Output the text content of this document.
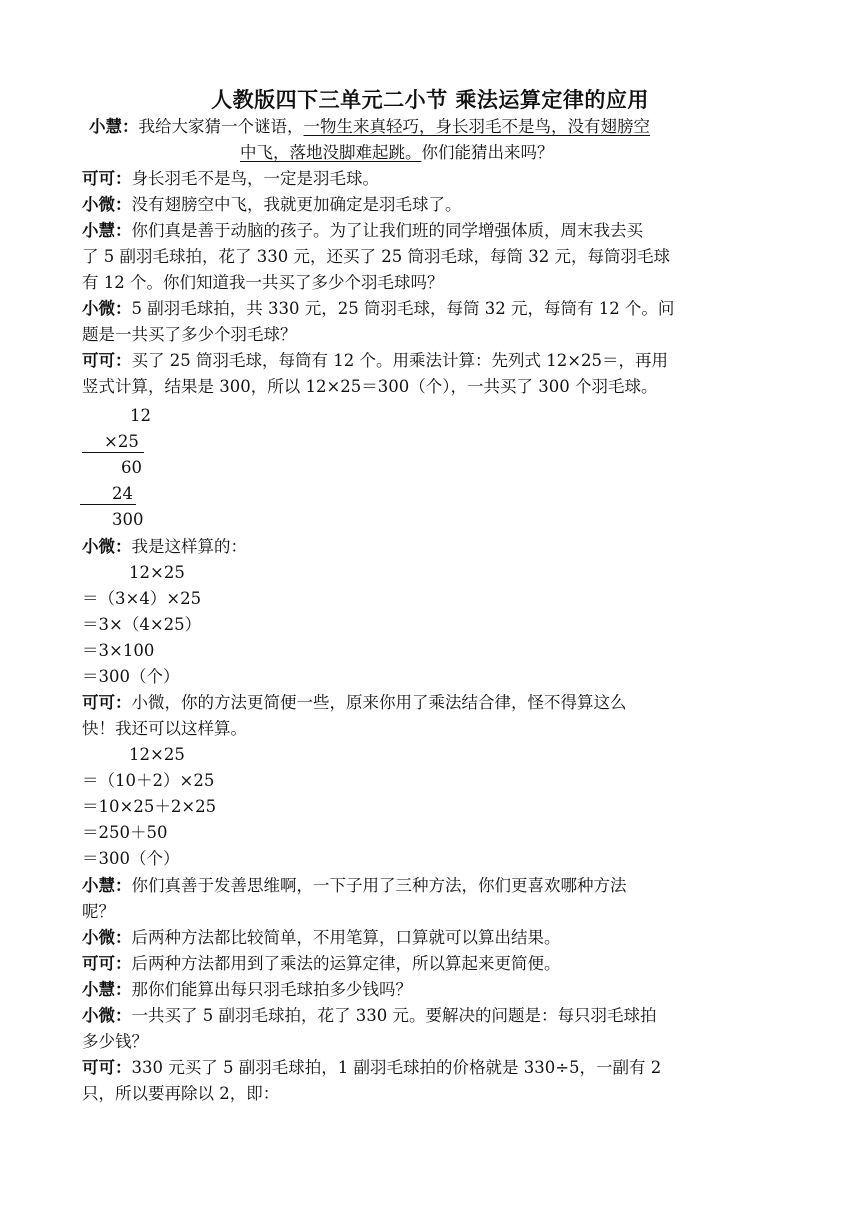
人教版四下三单元二小节 乘法运算定律的应用
小慧：我给大家猜一个谜语，一物生来真轻巧，身长羽毛不是鸟，没有翅膀空
中飞，落地没脚难起跳。你们能猜出来吗？
可可：身长羽毛不是鸟，一定是羽毛球。
小微：没有翅膀空中飞，我就更加确定是羽毛球了。
小慧：你们真是善于动脑的孩子。为了让我们班的同学增强体质，周末我去买
了 5 副羽毛球拍，花了 330 元，还买了 25 筒羽毛球，每筒 32 元，每筒羽毛球
有 12 个。你们知道我一共买了多少个羽毛球吗？
小微：5 副羽毛球拍，共 330 元，25 筒羽毛球，每筒 32 元，每筒有 12 个。问
题是一共买了多少个羽毛球？
可可：买了 25 筒羽毛球，每筒有 12 个。用乘法计算：先列式 12×25＝，再用
竖式计算，结果是 300，所以 12×25＝300（个），一共买了 300 个羽毛球。
12
×25
60
24
300
小微：我是这样算的：
12×25
＝（3×4）×25
＝3×（4×25）
＝3×100
＝300（个）
可可：小微，你的方法更简便一些，原来你用了乘法结合律，怪不得算这么
快！我还可以这样算。
12×25
＝（10＋2）×25
＝10×25＋2×25
＝250＋50
＝300（个）
小慧：你们真善于发善思维啊，一下子用了三种方法，你们更喜欢哪种方法
呢？
小微：后两种方法都比较简单，不用笔算，口算就可以算出结果。
可可：后两种方法都用到了乘法的运算定律，所以算起来更简便。
小慧：那你们能算出每只羽毛球拍多少钱吗？
小微：一共买了 5 副羽毛球拍，花了 330 元。要解决的问题是：每只羽毛球拍
多少钱？
可可：330 元买了 5 副羽毛球拍，1 副羽毛球拍的价格就是 330÷5，一副有 2
只，所以要再除以 2，即：
